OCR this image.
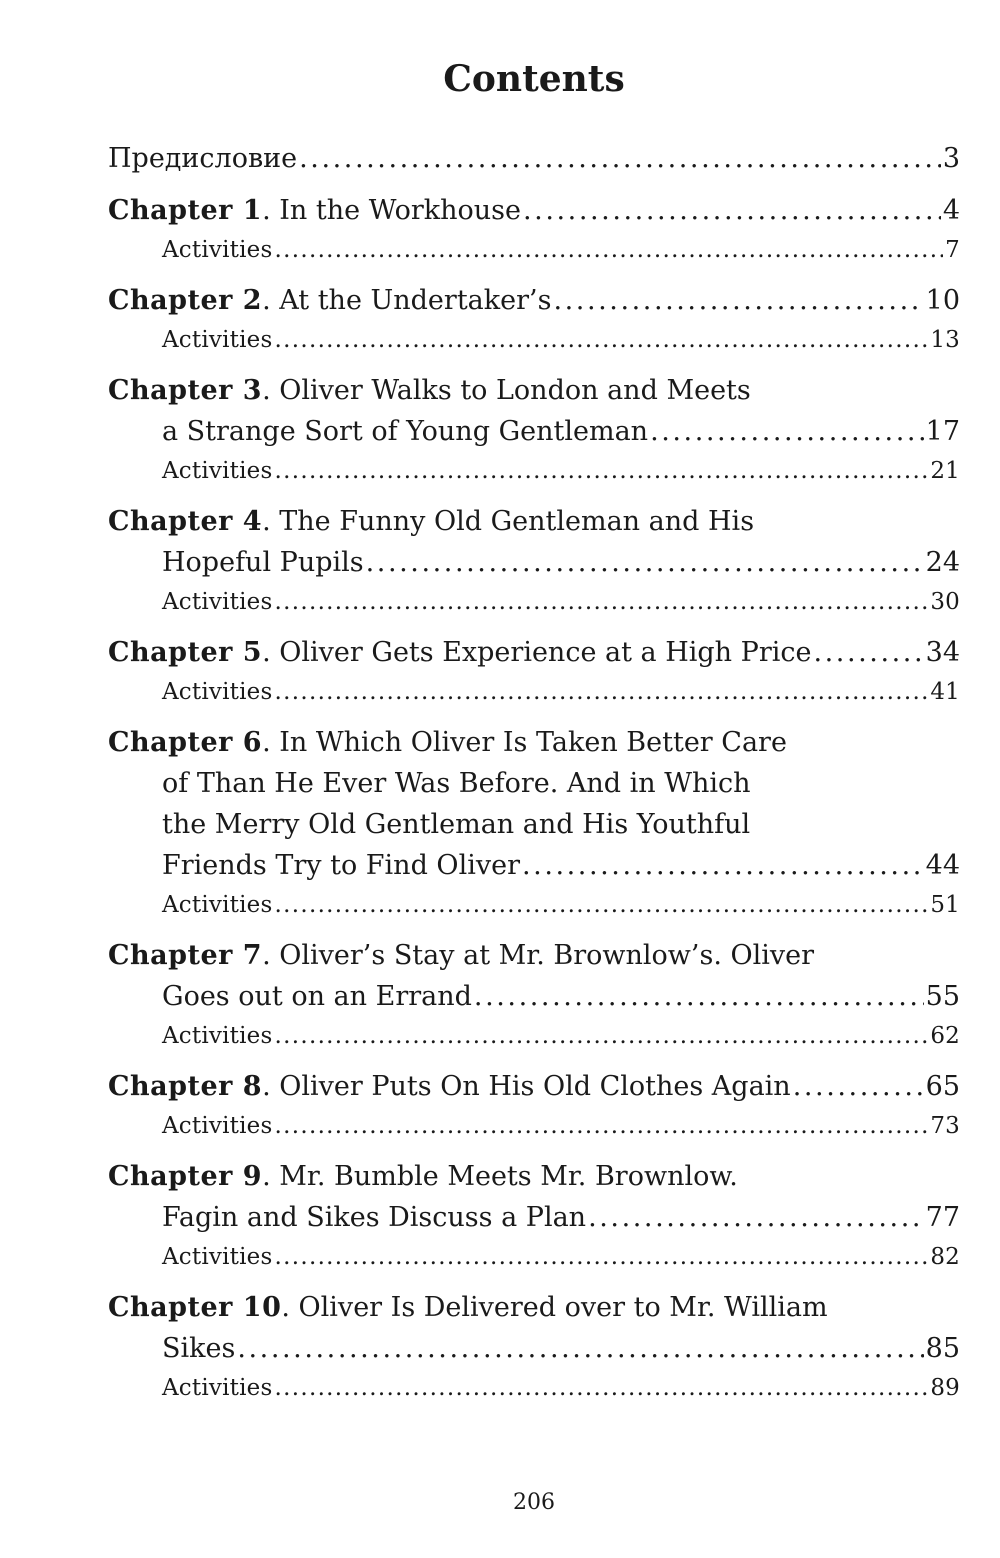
Contents
Предисловие . . .	3
Chapter 1. In the Workhouse . . .	4
Activities . . .	7
Chapter 2. At the Undertaker’s . . .	10
Activities . . .	13
Chapter 3. Oliver Walks to London and Meets
a Strange Sort of Young Gentleman . . .	17
Activities . . .	21
Chapter 4. The Funny Old Gentleman and His
Hopeful Pupils . . .	24
Activities . . .	30
Chapter 5. Oliver Gets Experience at a High Price . . .	34
Activities . . .	41
Chapter 6. In Which Oliver Is Taken Better Care
of Than He Ever Was Before. And in Which
the Merry Old Gentleman and His Youthful
Friends Try to Find Oliver . . .	44
Activities . . .	51
Chapter 7. Oliver’s Stay at Mr. Brownlow’s. Oliver
Goes out on an Errand . . .	55
Activities . . .	62
Chapter 8. Oliver Puts On His Old Clothes Again . . .	65
Activities . . .	73
Chapter 9. Mr. Bumble Meets Mr. Brownlow.
Fagin and Sikes Discuss a Plan . . .	77
Activities . . .	82
Chapter 10. Oliver Is Delivered over to Mr. William
Sikes . . .	85
Activities . . .	89
206
